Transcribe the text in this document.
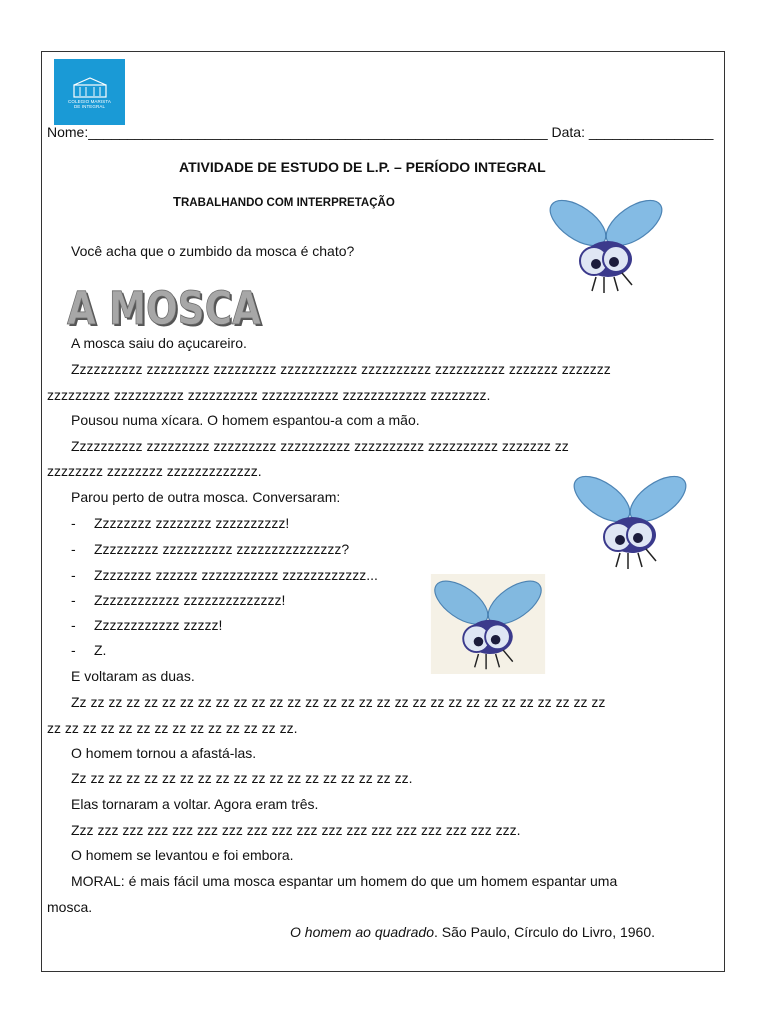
COLEGIO MARISTA
DE INTEGRAL
Nome:___________________________________________________________ Data: ________________
ATIVIDADE DE ESTUDO DE L.P. – PERÍODO INTEGRAL
TRABALHANDO COM INTERPRETAÇÃO
Você acha que o zumbido da mosca é chato?
A MOSCA
A MOSCA
A mosca saiu do açucareiro.
Zzzzzzzzzz zzzzzzzzz zzzzzzzzz zzzzzzzzzzz zzzzzzzzzz zzzzzzzzzz zzzzzzz zzzzzzz
zzzzzzzzz zzzzzzzzzz zzzzzzzzzz zzzzzzzzzzz zzzzzzzzzzzz zzzzzzzz.
Pousou numa xícara. O homem espantou-a com a mão.
Zzzzzzzzzz zzzzzzzzz zzzzzzzzz zzzzzzzzzz zzzzzzzzzz zzzzzzzzzz zzzzzzz zz
zzzzzzzz zzzzzzzz zzzzzzzzzzzzz.
Parou perto de outra mosca. Conversaram:
- Zzzzzzzz zzzzzzzz zzzzzzzzzz!
- Zzzzzzzzz zzzzzzzzzz zzzzzzzzzzzzzzz?
- Zzzzzzzz zzzzzz zzzzzzzzzzz zzzzzzzzzzzz...
- Zzzzzzzzzzzz zzzzzzzzzzzzzz!
- Zzzzzzzzzzzz zzzzz!
- Z.
E voltaram as duas.
Zz zz zz zz zz zz zz zz zz zz zz zz zz zz zz zz zz zz zz zz zz zz zz zz zz zz zz zz zz zz
zz zz zz zz zz zz zz zz zz zz zz zz zz zz.
O homem tornou a afastá-las.
Zz zz zz zz zz zz zz zz zz zz zz zz zz zz zz zz zz zz zz.
Elas tornaram a voltar. Agora eram três.
Zzz zzz zzz zzz zzz zzz zzz zzz zzz zzz zzz zzz zzz zzz zzz zzz zzz zzz.
O homem se levantou e foi embora.
MORAL: é mais fácil uma mosca espantar um homem do que um homem espantar uma
mosca.
O homem ao quadrado. São Paulo, Círculo do Livro, 1960.
